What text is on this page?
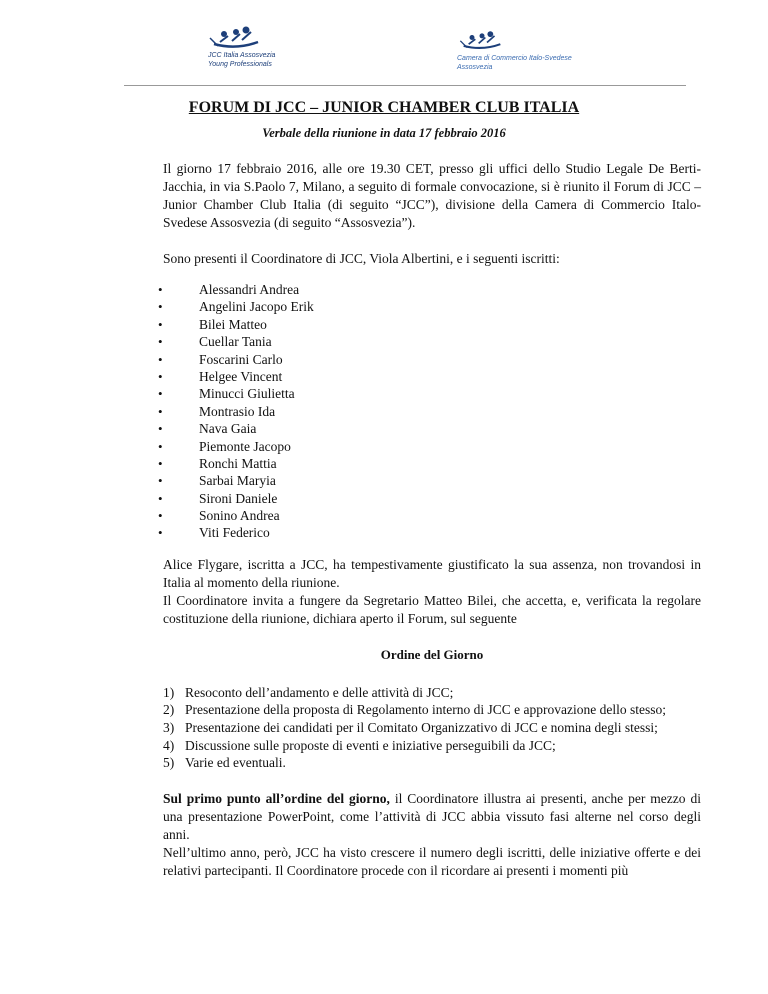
JCC Italia Assosvezia
Young Professionals
Camera di Commercio Italo-Svedese
Assosvezia
FORUM DI JCC – JUNIOR CHAMBER CLUB ITALIA
Verbale della riunione in data 17 febbraio 2016

Il giorno 17 febbraio 2016, alle ore 19.30 CET, presso gli uffici dello Studio Legale De Berti-Jacchia, in via S.Paolo 7, Milano, a seguito di formale convocazione, si è riunito il Forum di JCC – Junior Chamber Club Italia (di seguito “JCC”), divisione della Camera di Commercio Italo-Svedese Assosvezia (di seguito “Assosvezia”).

Sono presenti il Coordinatore di JCC, Viola Albertini, e i seguenti iscritti:

• Alessandri Andrea
• Angelini Jacopo Erik
• Bilei Matteo
• Cuellar Tania
• Foscarini Carlo
• Helgee Vincent
• Minucci Giulietta
• Montrasio Ida
• Nava Gaia
• Piemonte Jacopo
• Ronchi Mattia
• Sarbai Maryia
• Sironi Daniele
• Sonino Andrea
• Viti Federico

Alice Flygare, iscritta a JCC, ha tempestivamente giustificato la sua assenza, non trovandosi in Italia al momento della riunione.

Il Coordinatore invita a fungere da Segretario Matteo Bilei, che accetta, e, verificata la regolare costituzione della riunione, dichiara aperto il Forum, sul seguente

Ordine del Giorno

1) Resoconto dell’andamento e delle attività di JCC;
2) Presentazione della proposta di Regolamento interno di JCC e approvazione dello stesso;
3) Presentazione dei candidati per il Comitato Organizzativo di JCC e nomina degli stessi;
4) Discussione sulle proposte di eventi e iniziative perseguibili da JCC;
5) Varie ed eventuali.

Sul primo punto all’ordine del giorno, il Coordinatore illustra ai presenti, anche per mezzo di una presentazione PowerPoint, come l’attività di JCC abbia vissuto fasi alterne nel corso degli anni.

Nell’ultimo anno, però, JCC ha visto crescere il numero degli iscritti, delle iniziative offerte e dei relativi partecipanti. Il Coordinatore procede con il ricordare ai presenti i momenti più
